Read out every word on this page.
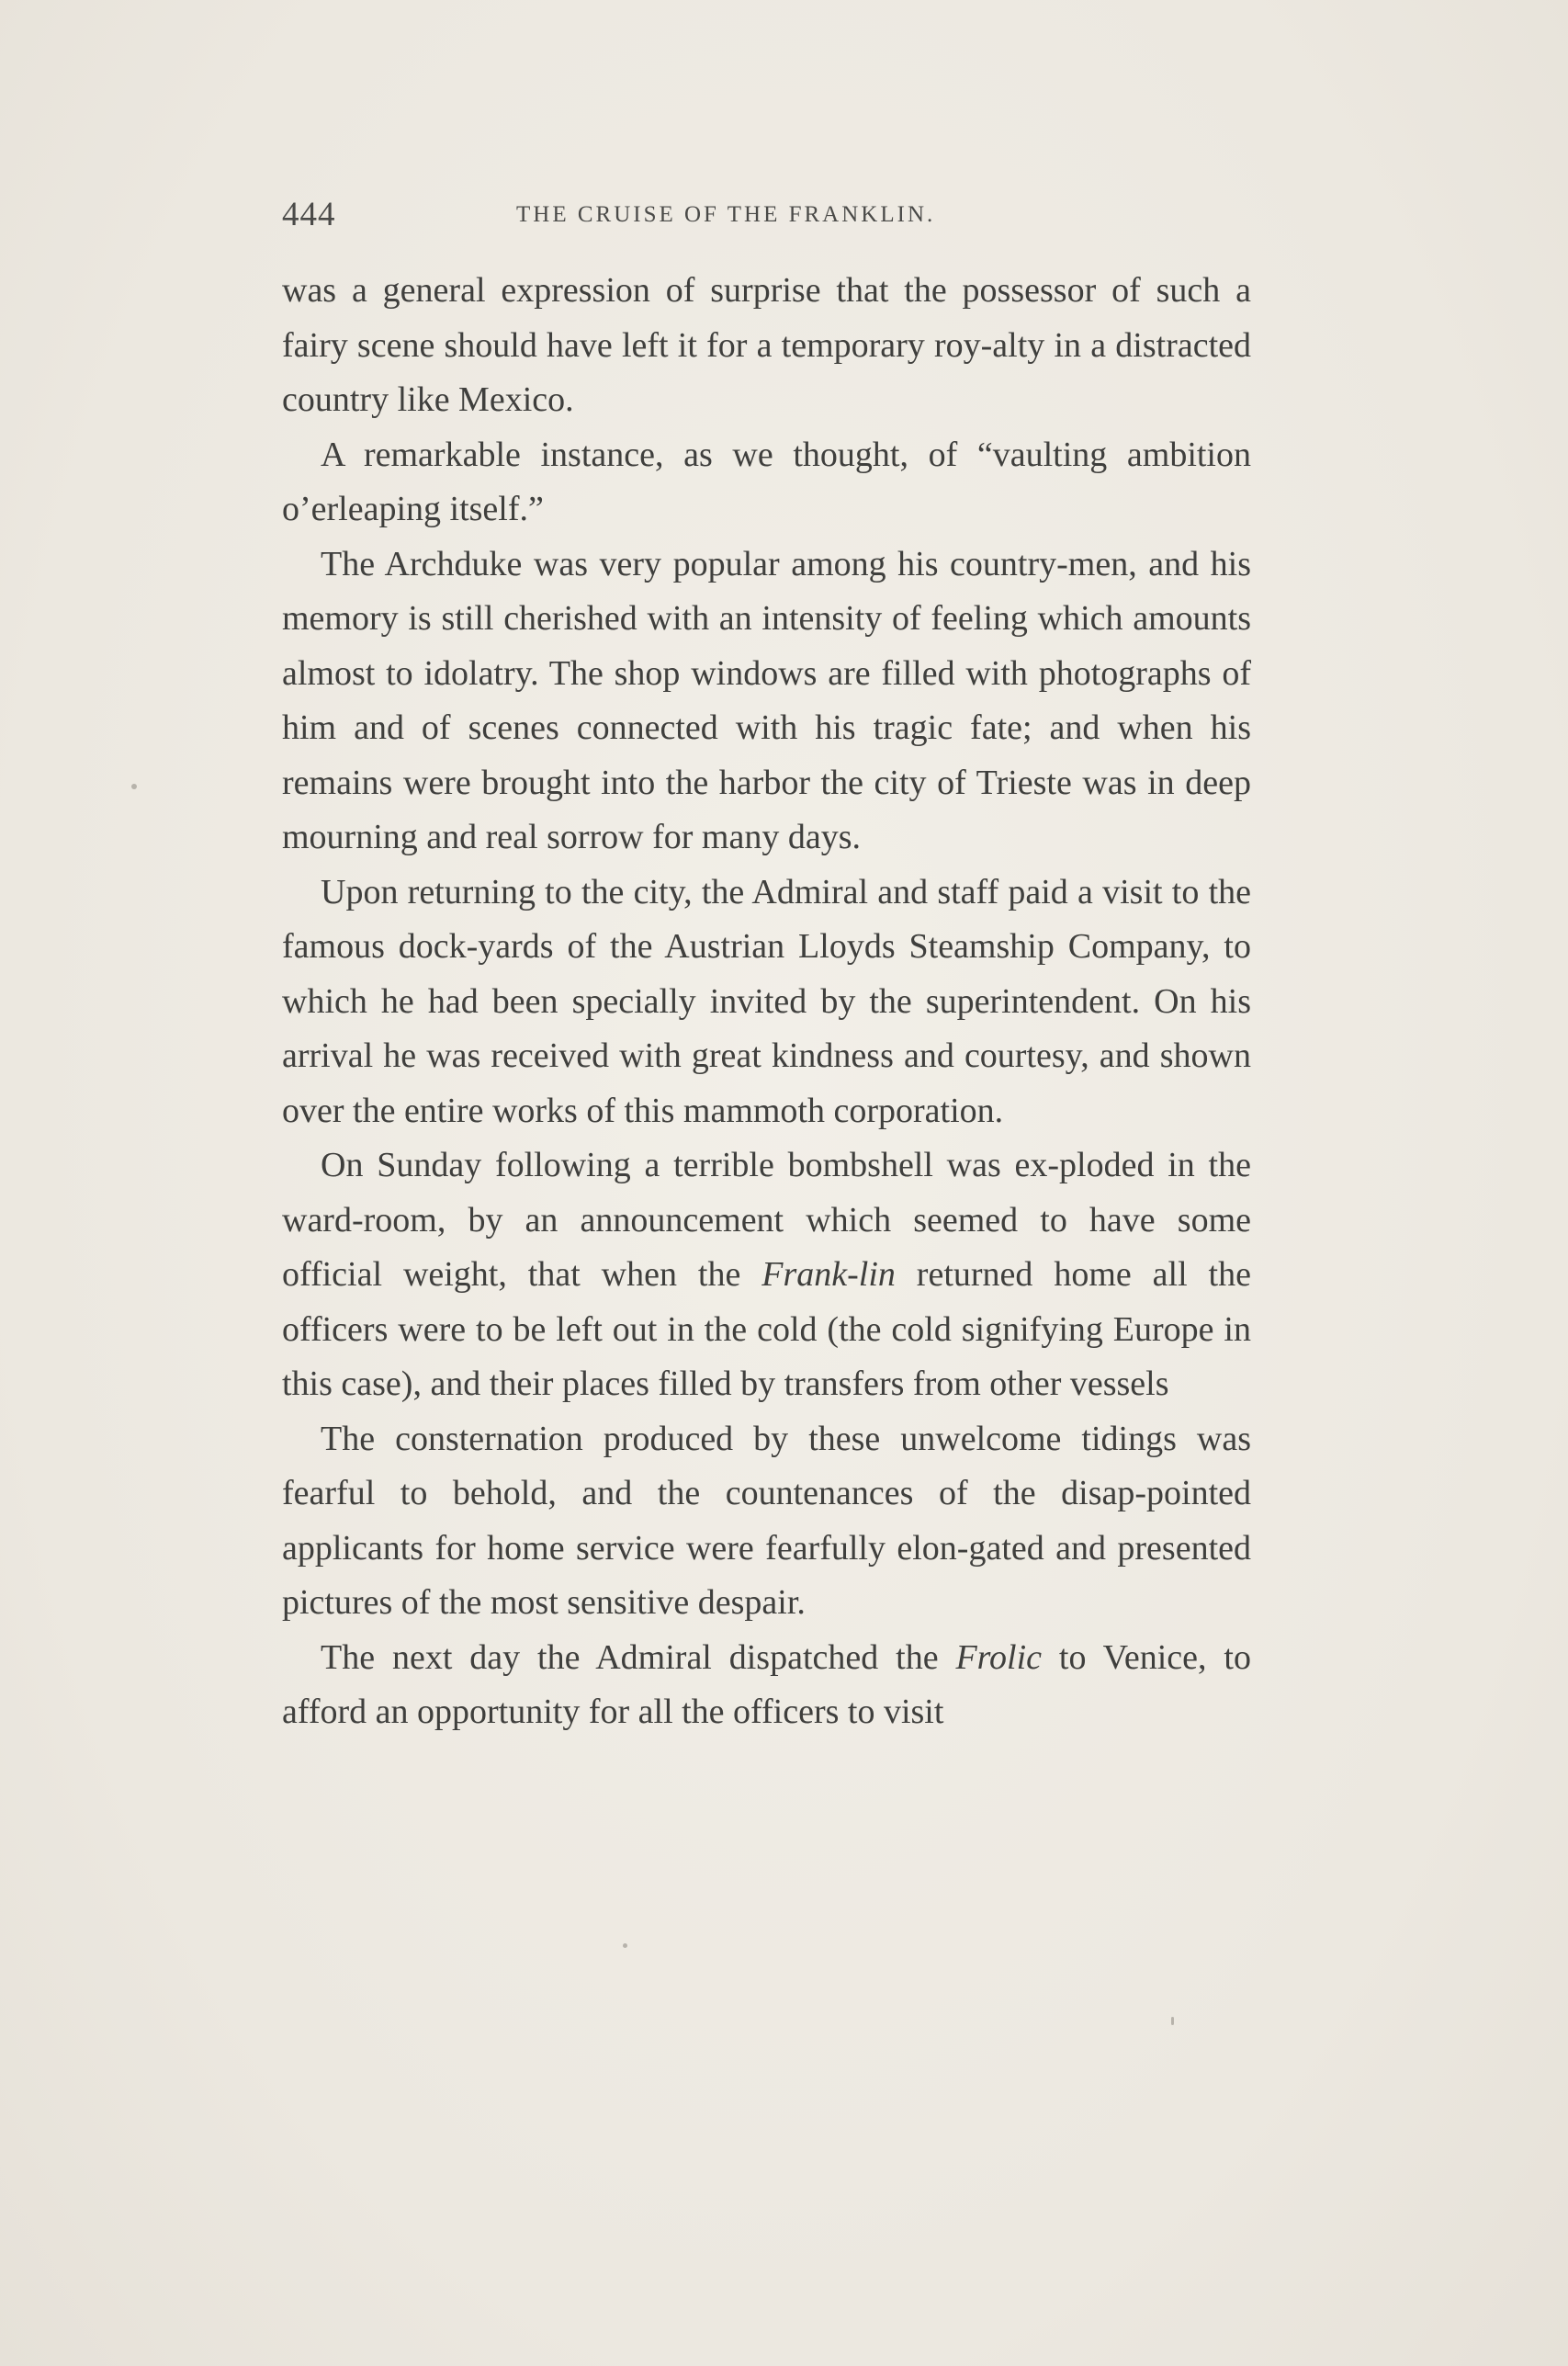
444	THE CRUISE OF THE FRANKLIN.

was a general expression of surprise that the possessor of such a fairy scene should have left it for a temporary roy-alty in a distracted country like Mexico.

A remarkable instance, as we thought, of “vaulting ambition o’erleaping itself.”

The Archduke was very popular among his country-men, and his memory is still cherished with an intensity of feeling which amounts almost to idolatry. The shop windows are filled with photographs of him and of scenes connected with his tragic fate; and when his remains were brought into the harbor the city of Trieste was in deep mourning and real sorrow for many days.

Upon returning to the city, the Admiral and staff paid a visit to the famous dock-yards of the Austrian Lloyds Steamship Company, to which he had been specially invited by the superintendent. On his arrival he was received with great kindness and courtesy, and shown over the entire works of this mammoth corporation.

On Sunday following a terrible bombshell was ex-ploded in the ward-room, by an announcement which seemed to have some official weight, that when the Frank-lin returned home all the officers were to be left out in the cold (the cold signifying Europe in this case), and their places filled by transfers from other vessels

The consternation produced by these unwelcome tidings was fearful to behold, and the countenances of the disap-pointed applicants for home service were fearfully elon-gated and presented pictures of the most sensitive despair.

The next day the Admiral dispatched the Frolic to Venice, to afford an opportunity for all the officers to visit
